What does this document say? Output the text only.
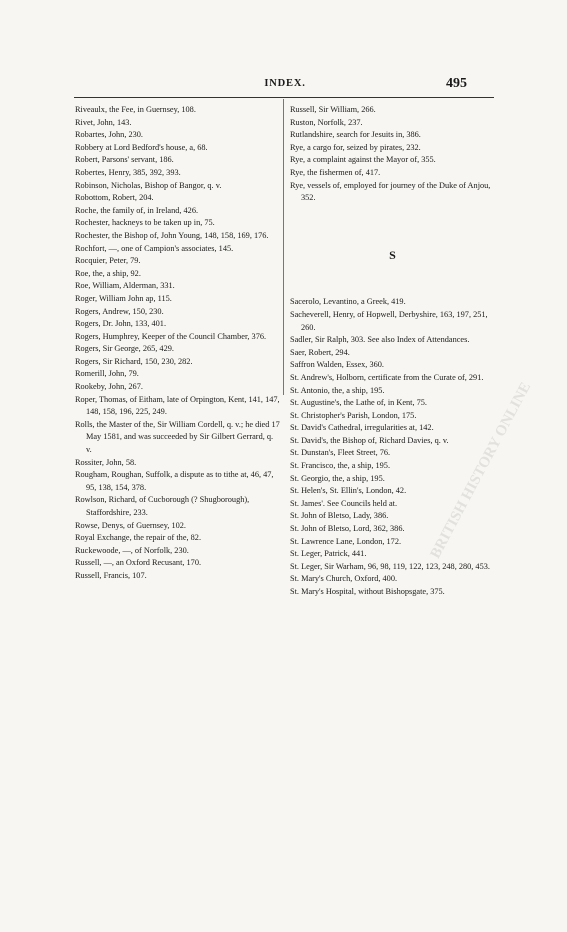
INDEX.	495
Riveaulx, the Fee, in Guernsey, 108.
Rivet, John, 143.
Robartes, John, 230.
Robbery at Lord Bedford's house, a, 68.
Robert, Parsons' servant, 186.
Robertes, Henry, 385, 392, 393.
Robinson, Nicholas, Bishop of Bangor, q. v.
Robottom, Robert, 204.
Roche, the family of, in Ireland, 426.
Rochester, hackneys to be taken up in, 75.
Rochester, the Bishop of, John Young, 148, 158, 169, 176.
Rochfort, —, one of Campion's associates, 145.
Rocquier, Peter, 79.
Roe, the, a ship, 92.
Roe, William, Alderman, 331.
Roger, William John ap, 115.
Rogers, Andrew, 150, 230.
Rogers, Dr. John, 133, 401.
Rogers, Humphrey, Keeper of the Council Chamber, 376.
Rogers, Sir George, 265, 429.
Rogers, Sir Richard, 150, 230, 282.
Romerill, John, 79.
Rookeby, John, 267.
Roper, Thomas, of Eitham, late of Orpington, Kent, 141, 147, 148, 158, 196, 225, 249.
Rolls, the Master of the, Sir William Cordell, q. v.; he died 17 May 1581, and was succeeded by Sir Gilbert Gerrard, q. v.
Rossiter, John, 58.
Rougham, Roughan, Suffolk, a dispute as to tithe at, 46, 47, 95, 138, 154, 378.
Rowlson, Richard, of Cucborough (? Shugborough), Staffordshire, 233.
Rowse, Denys, of Guernsey, 102.
Royal Exchange, the repair of the, 82.
Ruckewoode, —, of Norfolk, 230.
Russell, —, an Oxford Recusant, 170.
Russell, Francis, 107.
Russell, Sir William, 266.
Ruston, Norfolk, 237.
Rutlandshire, search for Jesuits in, 386.
Rye, a cargo for, seized by pirates, 232.
Rye, a complaint against the Mayor of, 355.
Rye, the fishermen of, 417.
Rye, vessels of, employed for journey of the Duke of Anjou, 352.
S
Sacerolo, Levantino, a Greek, 419.
Sacheverell, Henry, of Hopwell, Derbyshire, 163, 197, 251, 260.
Sadler, Sir Ralph, 303. See also Index of Attendances.
Saer, Robert, 294.
Saffron Walden, Essex, 360.
St. Andrew's, Holborn, certificate from the Curate of, 291.
St. Antonio, the, a ship, 195.
St. Augustine's, the Lathe of, in Kent, 75.
St. Christopher's Parish, London, 175.
St. David's Cathedral, irregularities at, 142.
St. David's, the Bishop of, Richard Davies, q. v.
St. Dunstan's, Fleet Street, 76.
St. Francisco, the, a ship, 195.
St. Georgio, the, a ship, 195.
St. Helen's, St. Ellin's, London, 42.
St. James'. See Councils held at.
St. John of Bletso, Lady, 386.
St. John of Bletso, Lord, 362, 386.
St. Lawrence Lane, London, 172.
St. Leger, Patrick, 441.
St. Leger, Sir Warham, 96, 98, 119, 122, 123, 248, 280, 453.
St. Mary's Church, Oxford, 400.
St. Mary's Hospital, without Bishopsgate, 375.
BRITISH HISTORY ONLINE
